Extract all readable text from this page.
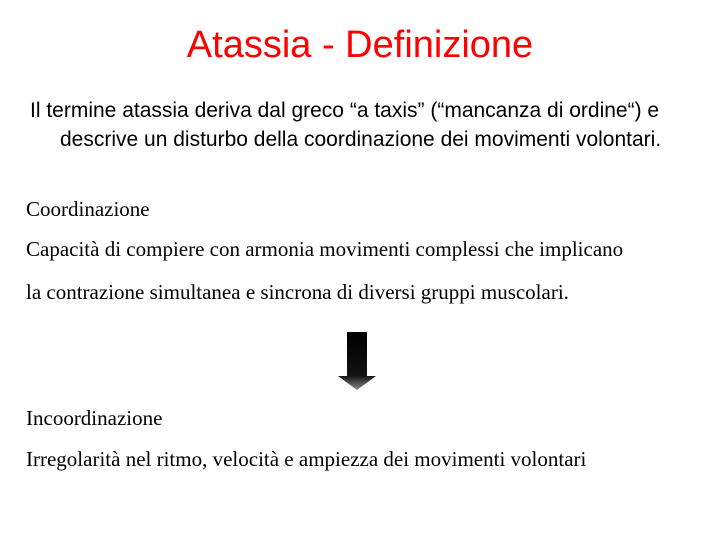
Atassia - Definizione

Il termine atassia deriva dal greco “a taxis” (“mancanza di ordine“) e descrive un disturbo della coordinazione dei movimenti volontari.

Coordinazione

Capacità di compiere con armonia movimenti complessi che implicano

la contrazione simultanea e sincrona di diversi gruppi muscolari.

Incoordinazione

Irregolarità nel ritmo, velocità e ampiezza dei movimenti volontari
